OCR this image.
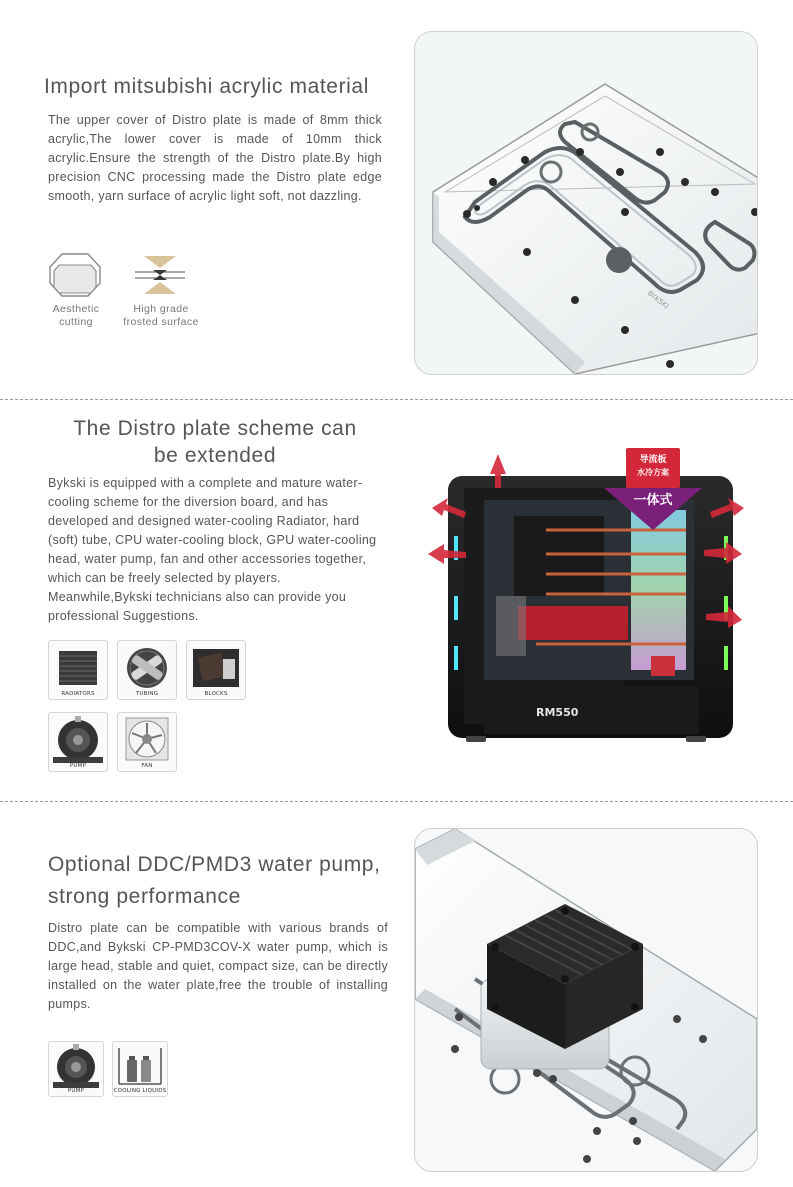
Import mitsubishi acrylic material
The upper cover of Distro plate is made of 8mm thick acrylic,The lower cover is made of 10mm thick acrylic.Ensure the strength of the Distro plate.By high precision CNC processing made the Distro plate edge smooth, yarn surface of acrylic light soft, not dazzling.
Aesthetic
cutting
High grade
frosted surface
BYKSKI
The Distro plate scheme can
be extended
Bykski is equipped with a complete and mature water-cooling scheme for the diversion board, and has developed and designed water-cooling Radiator, hard (soft) tube, CPU water-cooling block, GPU water-cooling head, water pump, fan and other accessories together, which can be freely selected by players. Meanwhile,Bykski technicians also can provide you professional Suggestions.
RADIATORS	TUBING	BLOCKS
PUMP	FAN
RM550
导流板
水冷方案
一体式
Optional DDC/PMD3 water pump,
strong performance
Distro plate can be compatible with various brands of DDC,and Bykski CP-PMD3COV-X water pump, which is large head, stable and quiet, compact size, can be directly installed on the water plate,free the trouble of installing pumps.
PUMP	COOLING LIQUIDS
